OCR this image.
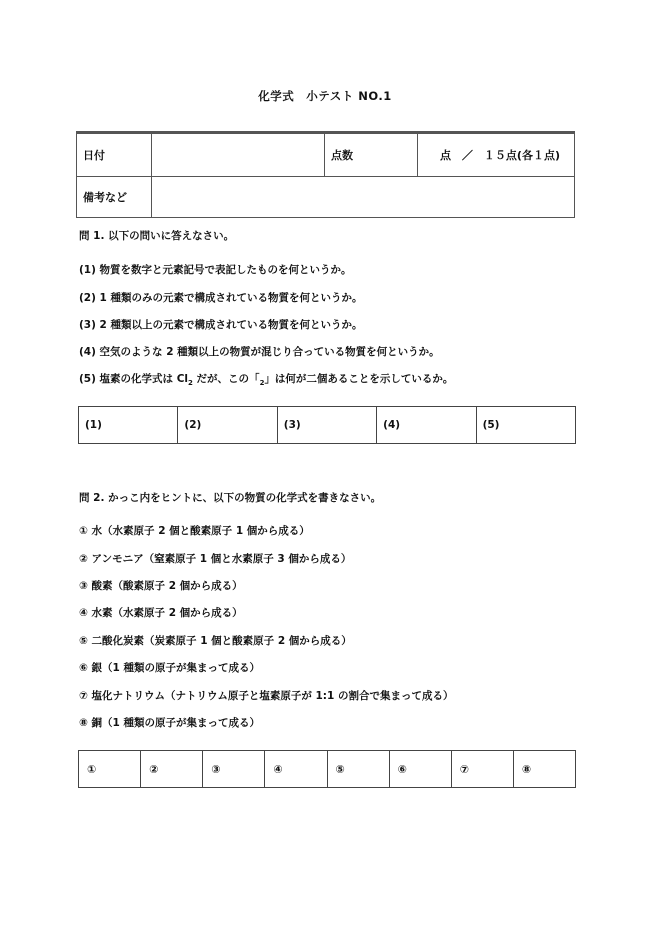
化学式　小テスト NO.1
日付		点数	点　／　１５点(各１点)
備考など			
問 1. 以下の問いに答えなさい。
(1) 物質を数字と元素記号で表記したものを何というか。
(2) 1 種類のみの元素で構成されている物質を何というか。
(3) 2 種類以上の元素で構成されている物質を何というか。
(4) 空気のような 2 種類以上の物質が混じり合っている物質を何というか。
(5) 塩素の化学式は $Cl_2$ だが、この「$_2$」は何が二個あることを示しているか。
(1)	(2)	(3)	(4)	(5)
問 2. かっこ内をヒントに、以下の物質の化学式を書きなさい。
① 水（水素原子 2 個と酸素原子 1 個から成る）
② アンモニア（窒素原子 1 個と水素原子 3 個から成る）
③ 酸素（酸素原子 2 個から成る）
④ 水素（水素原子 2 個から成る）
⑤ 二酸化炭素（炭素原子 1 個と酸素原子 2 個から成る）
⑥ 銀（1 種類の原子が集まって成る）
⑦ 塩化ナトリウム（ナトリウム原子と塩素原子が 1:1 の割合で集まって成る）
⑧ 銅（1 種類の原子が集まって成る）
①	②	③	④	⑤	⑥	⑦	⑧
